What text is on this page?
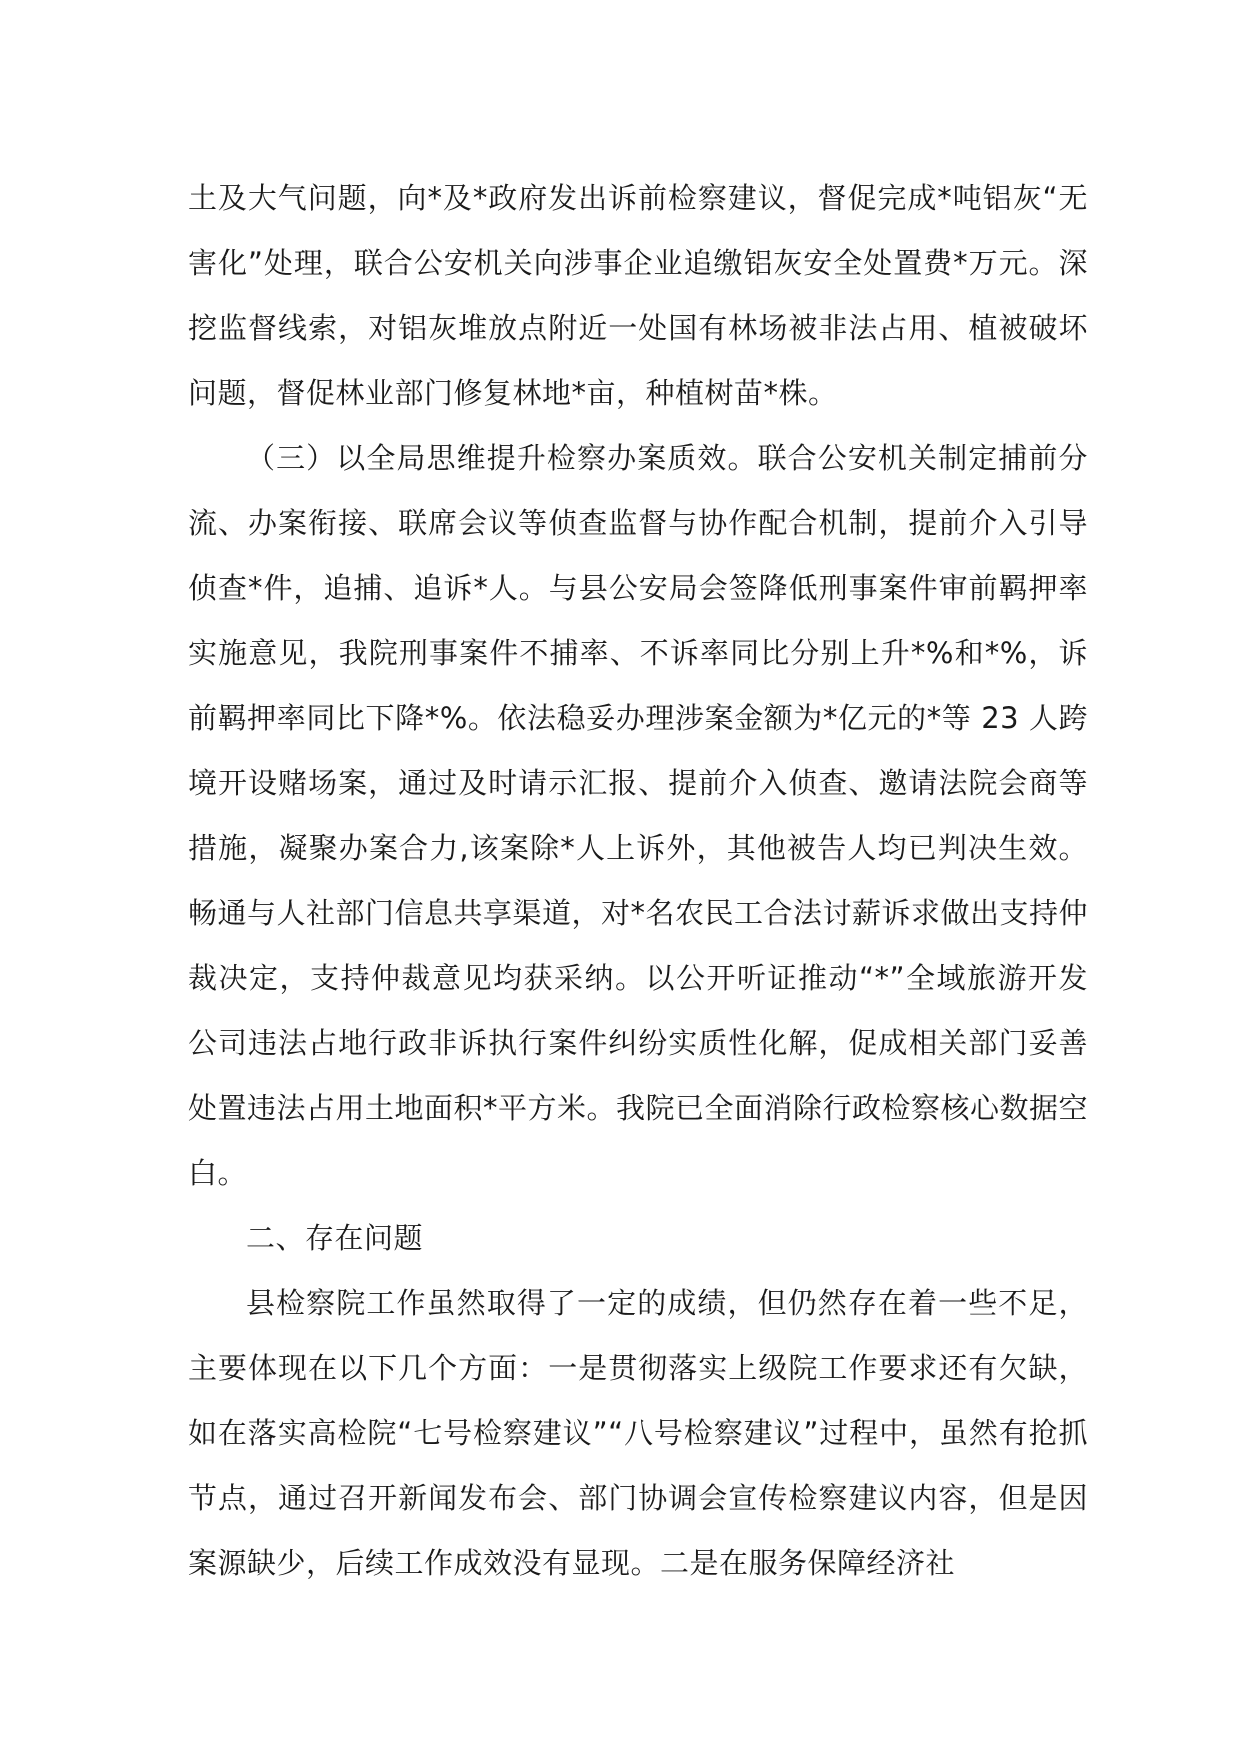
土及大气问题，向*及*政府发出诉前检察建议，督促完成*吨铝灰“无害化”处理，联合公安机关向涉事企业追缴铝灰安全处置费*万元。深挖监督线索，对铝灰堆放点附近一处国有林场被非法占用、植被破坏问题，督促林业部门修复林地*亩，种植树苗*株。

（三）以全局思维提升检察办案质效。联合公安机关制定捕前分流、办案衔接、联席会议等侦查监督与协作配合机制，提前介入引导侦查*件，追捕、追诉*人。与县公安局会签降低刑事案件审前羁押率实施意见，我院刑事案件不捕率、不诉率同比分别上升*%和*%，诉前羁押率同比下降*%。依法稳妥办理涉案金额为*亿元的*等 23 人跨境开设赌场案，通过及时请示汇报、提前介入侦查、邀请法院会商等措施，凝聚办案合力,该案除*人上诉外，其他被告人均已判决生效。畅通与人社部门信息共享渠道，对*名农民工合法讨薪诉求做出支持仲裁决定，支持仲裁意见均获采纳。以公开听证推动“*”全域旅游开发公司违法占地行政非诉执行案件纠纷实质性化解，促成相关部门妥善处置违法占用土地面积*平方米。我院已全面消除行政检察核心数据空白。

二、存在问题

县检察院工作虽然取得了一定的成绩，但仍然存在着一些不足，主要体现在以下几个方面：一是贯彻落实上级院工作要求还有欠缺，如在落实高检院“七号检察建议”“八号检察建议”过程中，虽然有抢抓节点，通过召开新闻发布会、部门协调会宣传检察建议内容，但是因案源缺少，后续工作成效没有显现。二是在服务保障经济社
